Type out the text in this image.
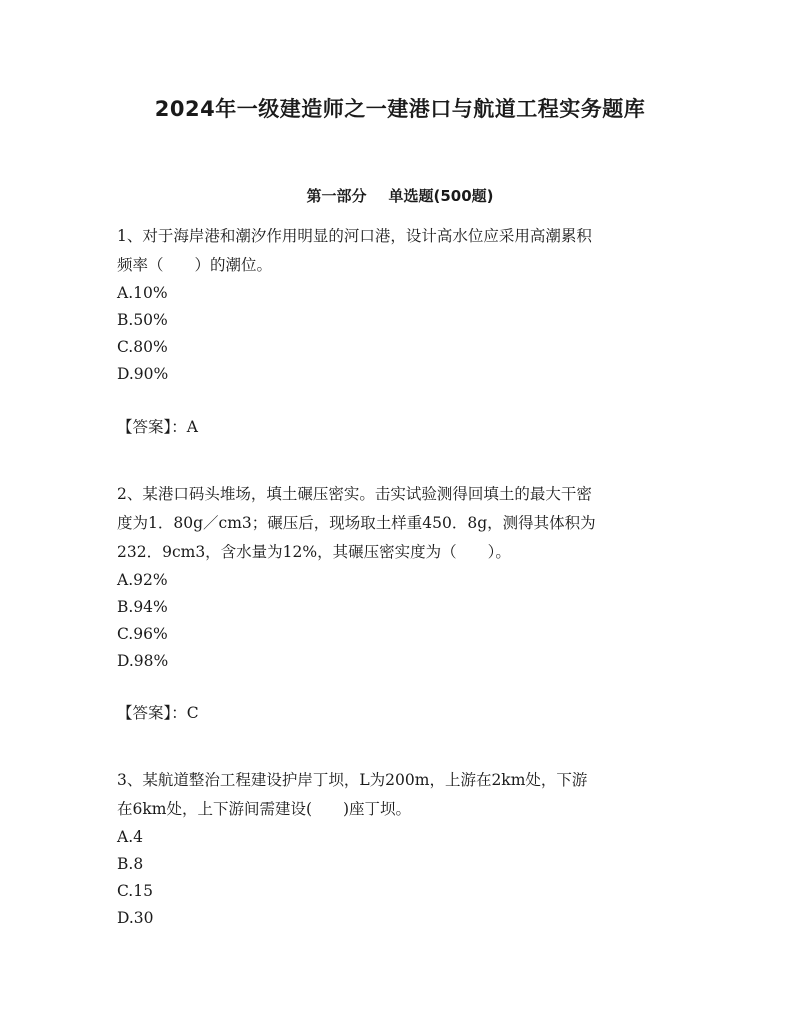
2024年一级建造师之一建港口与航道工程实务题库
第一部分 单选题(500题)

1、对于海岸港和潮汐作用明显的河口港，设计高水位应采用高潮累积

频率（　　）的潮位。

A.10%

B.50%

C.80%

D.90%

【答案】：A

2、某港口码头堆场，填土碾压密实。击实试验测得回填土的最大干密

度为1．80g／cm3；碾压后，现场取土样重450．8g，测得其体积为

232．9cm3，含水量为12%，其碾压密实度为（　　）。

A.92%

B.94%

C.96%

D.98%

【答案】：C

3、某航道整治工程建设护岸丁坝，L为200m，上游在2km处，下游

在6km处，上下游间需建设(　　)座丁坝。

A.4

B.8

C.15

D.30
